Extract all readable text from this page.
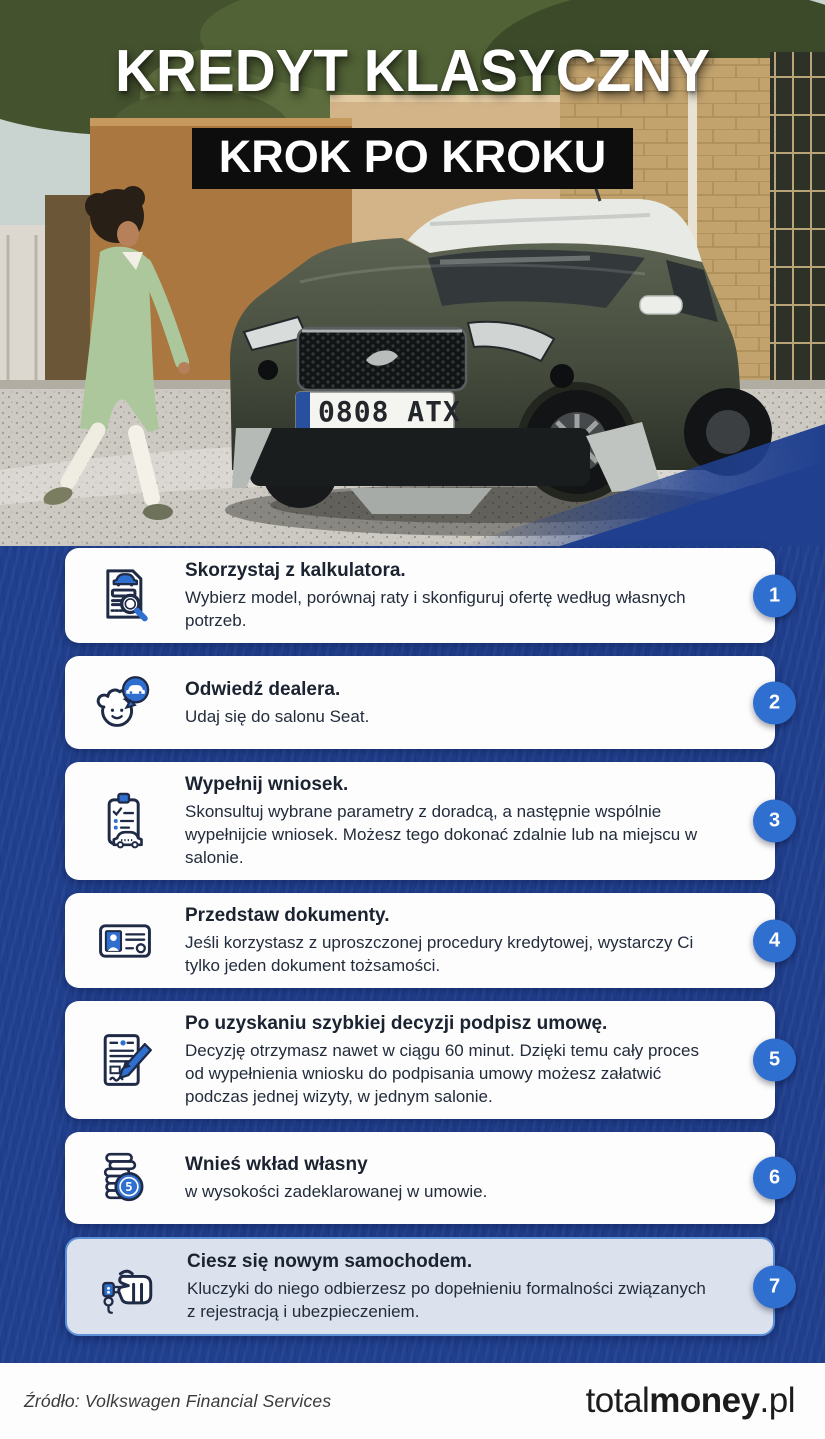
0808 ATX
KREDYT KLASYCZNY

KROK PO KROKU
Skorzystaj z kalkulatora.

Wybierz model, porównaj raty i skonfiguruj ofertę według własnych potrzeb.

1
Odwiedź dealera.

Udaj się do salonu Seat.

2
Wypełnij wniosek.

Skonsultuj wybrane parametry z doradcą, a następnie wspólnie wypełnijcie wniosek. Możesz tego dokonać zdalnie lub na miejscu w salonie.

3
Przedstaw dokumenty.

Jeśli korzystasz z uproszczonej procedury kredytowej, wystarczy Ci tylko jeden dokument tożsamości.

4
Po uzyskaniu szybkiej decyzji podpisz umowę.

Decyzję otrzymasz nawet w ciągu 60 minut. Dzięki temu cały proces od wypełnienia wniosku do podpisania umowy możesz załatwić podczas jednej wizyty, w jednym salonie.

5
5
Wnieś wkład własny

w wysokości zadeklarowanej w umowie.

6
Ciesz się nowym samochodem.

Kluczyki do niego odbierzesz po dopełnieniu formalności związanych z rejestracją i ubezpieczeniem.

7
Źródło: Volkswagen Financial Services	totalmoney.pl
